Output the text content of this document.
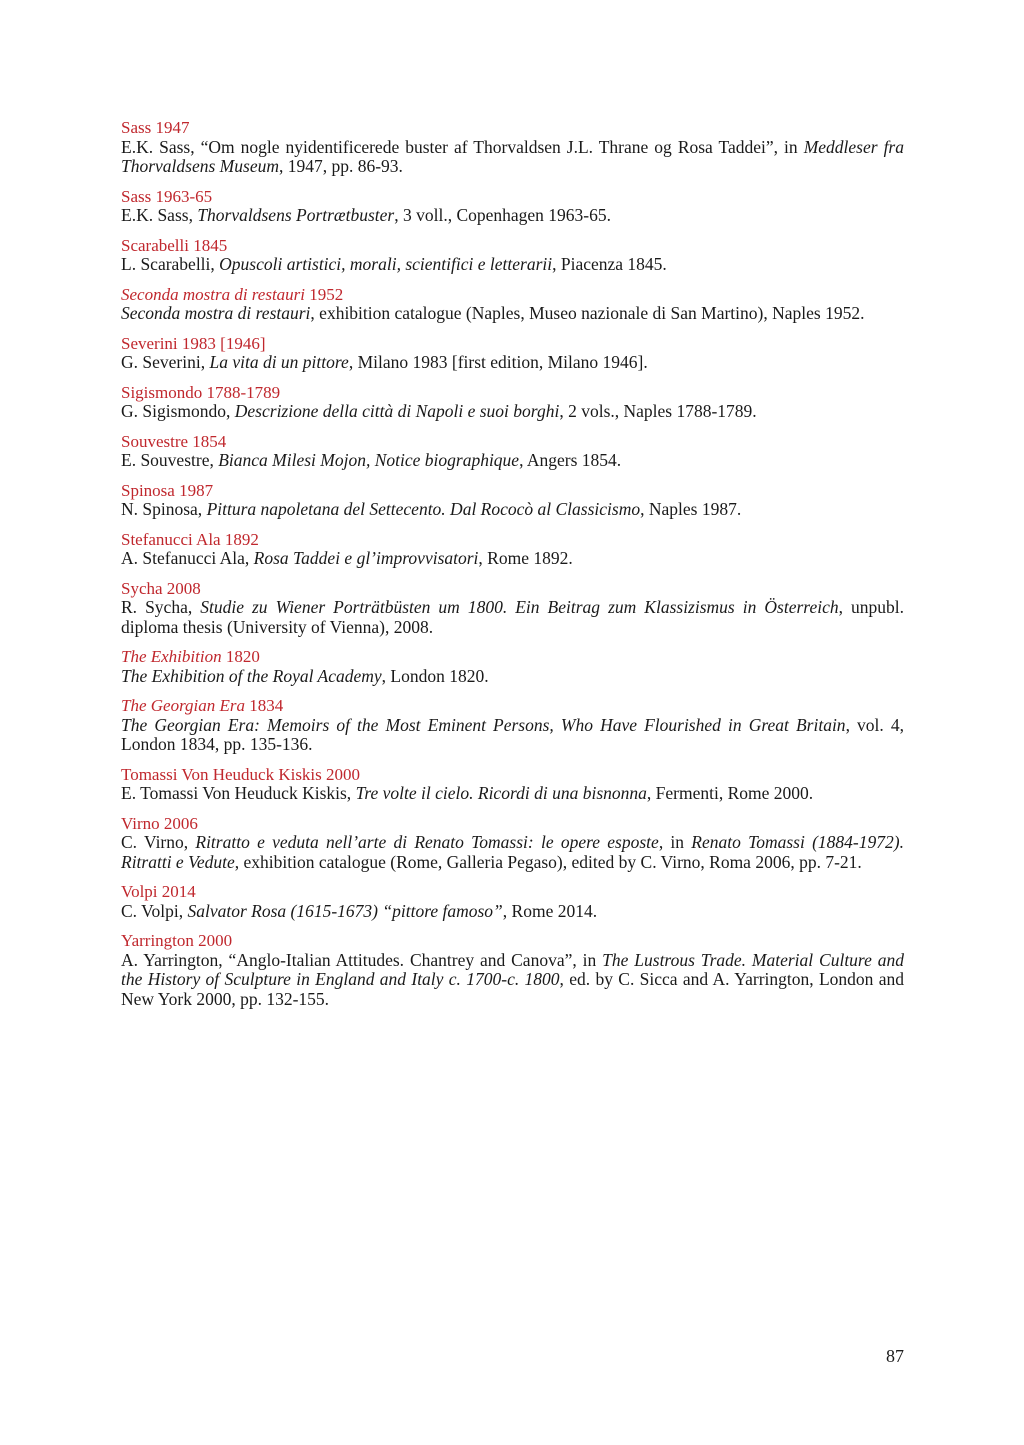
Sass 1947
E.K. Sass, “Om nogle nyidentificerede buster af Thorvaldsen J.L. Thrane og Rosa Taddei”, in Meddleser fra Thorvaldsens Museum, 1947, pp. 86-93.
Sass 1963-65
E.K. Sass, Thorvaldsens Portrætbuster, 3 voll., Copenhagen 1963-65.
Scarabelli 1845
L. Scarabelli, Opuscoli artistici, morali, scientifici e letterarii, Piacenza 1845.
Seconda mostra di restauri 1952
Seconda mostra di restauri, exhibition catalogue (Naples, Museo nazionale di San Martino), Naples 1952.
Severini 1983 [1946]
G. Severini, La vita di un pittore, Milano 1983 [first edition, Milano 1946].
Sigismondo 1788-1789
G. Sigismondo, Descrizione della città di Napoli e suoi borghi, 2 vols., Naples 1788-1789.
Souvestre 1854
E. Souvestre, Bianca Milesi Mojon, Notice biographique, Angers 1854.
Spinosa 1987
N. Spinosa, Pittura napoletana del Settecento. Dal Rococò al Classicismo, Naples 1987.
Stefanucci Ala 1892
A. Stefanucci Ala, Rosa Taddei e gl’improvvisatori, Rome 1892.
Sycha 2008
R. Sycha, Studie zu Wiener Porträtbüsten um 1800. Ein Beitrag zum Klassizismus in Österreich, unpubl. diploma thesis (University of Vienna), 2008.
The Exhibition 1820
The Exhibition of the Royal Academy, London 1820.
The Georgian Era 1834
The Georgian Era: Memoirs of the Most Eminent Persons, Who Have Flourished in Great Britain, vol. 4, London 1834, pp. 135-136.
Tomassi Von Heuduck Kiskis 2000
E. Tomassi Von Heuduck Kiskis, Tre volte il cielo. Ricordi di una bisnonna, Fermenti, Rome 2000.
Virno 2006
C. Virno, Ritratto e veduta nell’arte di Renato Tomassi: le opere esposte, in Renato Tomassi (1884-1972). Ritratti e Vedute, exhibition catalogue (Rome, Galleria Pegaso), edited by C. Virno, Roma 2006, pp. 7-21.
Volpi 2014
C. Volpi, Salvator Rosa (1615-1673) “pittore famoso”, Rome 2014.
Yarrington 2000
A. Yarrington, “Anglo-Italian Attitudes. Chantrey and Canova”, in The Lustrous Trade. Material Culture and the History of Sculpture in England and Italy c. 1700-c. 1800, ed. by C. Sicca and A. Yarrington, London and New York 2000, pp. 132-155.
87
